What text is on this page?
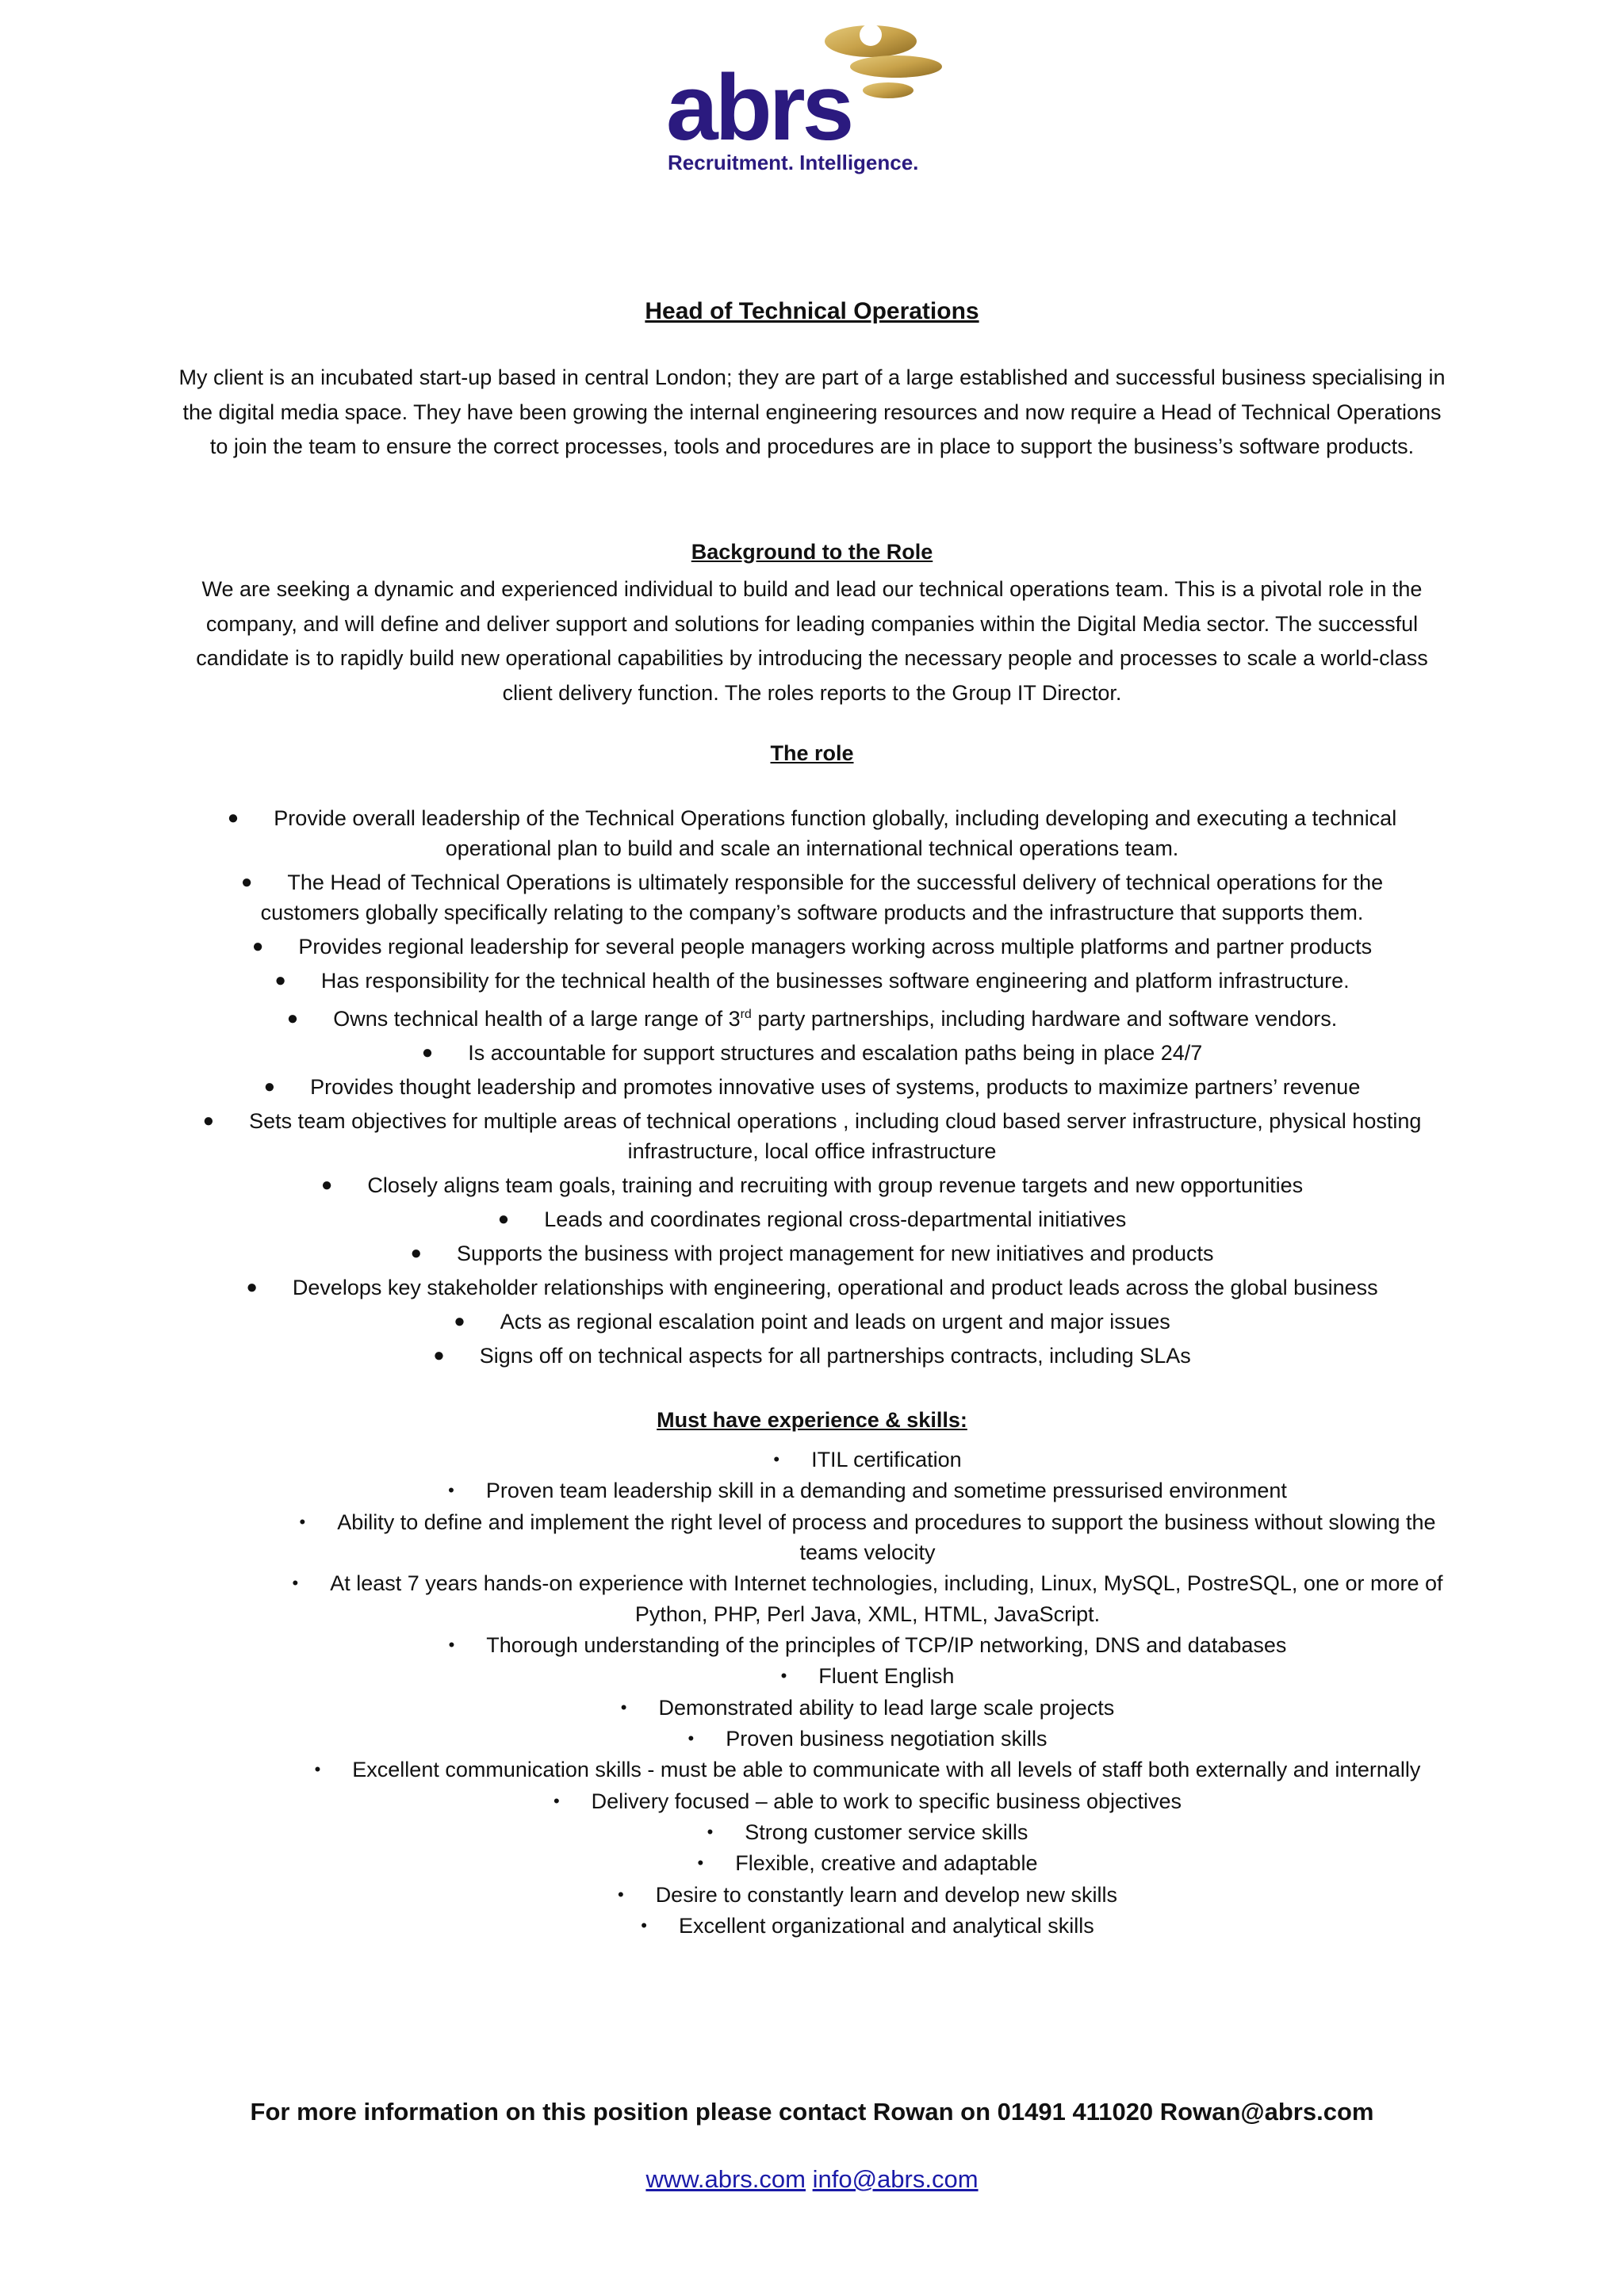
abrs
Recruitment. Intelligence.
Head of Technical Operations
My client is an incubated start-up based in central London; they are part of a large established and successful business specialising in the digital media space. They have been growing the internal engineering resources and now require a Head of Technical Operations to join the team to ensure the correct processes, tools and procedures are in place to support the business’s software products.
Background to the Role
We are seeking a dynamic and experienced individual to build and lead our technical operations team. This is a pivotal role in the company, and will define and deliver support and solutions for leading companies within the Digital Media sector. The successful candidate is to rapidly build new operational capabilities by introducing the necessary people and processes to scale a world-class client delivery function. The roles reports to the Group IT Director.
The role
● Provide overall leadership of the Technical Operations function globally, including developing and executing a technical operational plan to build and scale an international technical operations team.
● The Head of Technical Operations is ultimately responsible for the successful delivery of technical operations for the customers globally specifically relating to the company’s software products and the infrastructure that supports them.
● Provides regional leadership for several people managers working across multiple platforms and partner products
● Has responsibility for the technical health of the businesses software engineering and platform infrastructure.
● Owns technical health of a large range of 3rd party partnerships, including hardware and software vendors.
● Is accountable for support structures and escalation paths being in place 24/7
● Provides thought leadership and promotes innovative uses of systems, products to maximize partners’ revenue
● Sets team objectives for multiple areas of technical operations , including cloud based server infrastructure, physical hosting infrastructure, local office infrastructure
● Closely aligns team goals, training and recruiting with group revenue targets and new opportunities
● Leads and coordinates regional cross-departmental initiatives
● Supports the business with project management for new initiatives and products
● Develops key stakeholder relationships with engineering, operational and product leads across the global business
● Acts as regional escalation point and leads on urgent and major issues
● Signs off on technical aspects for all partnerships contracts, including SLAs
Must have experience & skills:
• ITIL certification
• Proven team leadership skill in a demanding and sometime pressurised environment
• Ability to define and implement the right level of process and procedures to support the business without slowing the teams velocity
• At least 7 years hands-on experience with Internet technologies, including, Linux, MySQL, PostreSQL, one or more of Python, PHP, Perl Java, XML, HTML, JavaScript.
• Thorough understanding of the principles of TCP/IP networking, DNS and databases
• Fluent English
• Demonstrated ability to lead large scale projects
• Proven business negotiation skills
• Excellent communication skills - must be able to communicate with all levels of staff both externally and internally
• Delivery focused – able to work to specific business objectives
• Strong customer service skills
• Flexible, creative and adaptable
• Desire to constantly learn and develop new skills
• Excellent organizational and analytical skills
For more information on this position please contact Rowan on 01491 411020 Rowan@abrs.com
www.abrs.com info@abrs.com
